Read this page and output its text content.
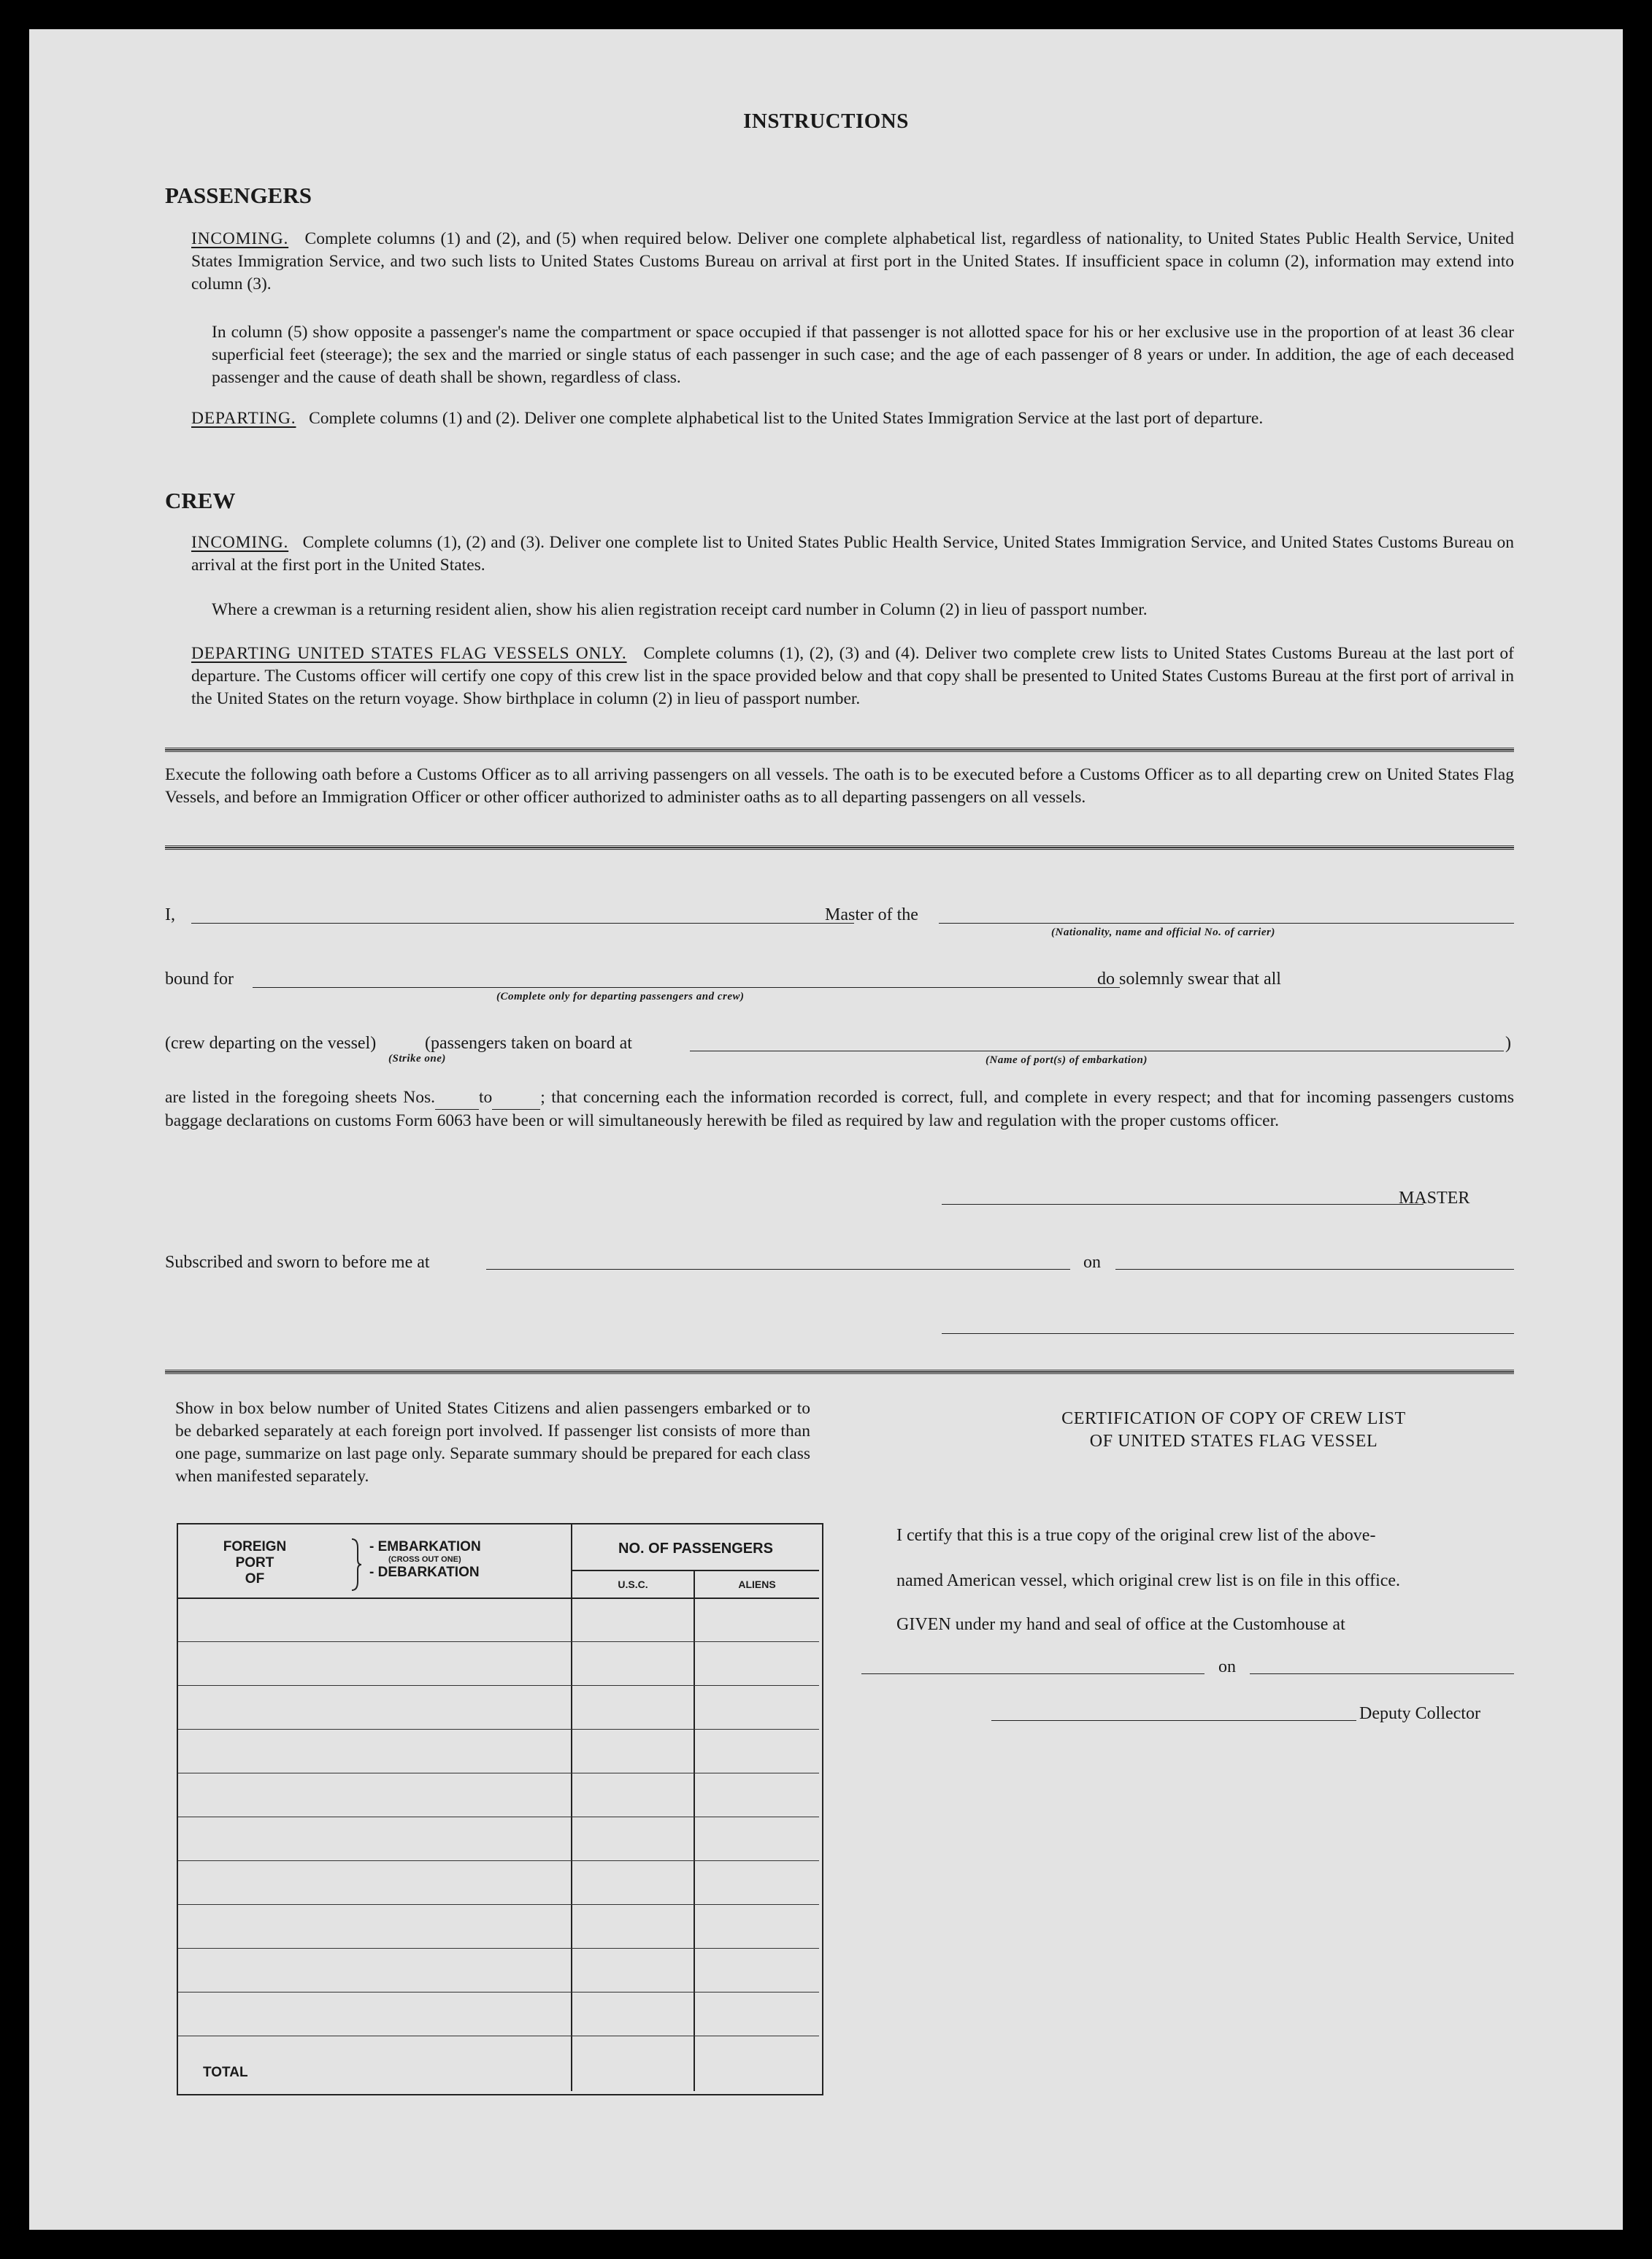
INSTRUCTIONS
PASSENGERS
INCOMING. Complete columns (1) and (2), and (5) when required below. Deliver one complete alphabetical list, regardless of nationality, to United States Public Health Service, United States Immigration Service, and two such lists to United States Customs Bureau on arrival at first port in the United States. If insufficient space in column (2), information may extend into column (3).
In column (5) show opposite a passenger's name the compartment or space occupied if that passenger is not allotted space for his or her exclusive use in the proportion of at least 36 clear superficial feet (steerage); the sex and the married or single status of each passenger in such case; and the age of each passenger of 8 years or under. In addition, the age of each deceased passenger and the cause of death shall be shown, regardless of class.
DEPARTING. Complete columns (1) and (2). Deliver one complete alphabetical list to the United States Immigration Service at the last port of departure.
CREW
INCOMING. Complete columns (1), (2) and (3). Deliver one complete list to United States Public Health Service, United States Immigration Service, and United States Customs Bureau on arrival at the first port in the United States.
Where a crewman is a returning resident alien, show his alien registration receipt card number in Column (2) in lieu of passport number.
DEPARTING UNITED STATES FLAG VESSELS ONLY. Complete columns (1), (2), (3) and (4). Deliver two complete crew lists to United States Customs Bureau at the last port of departure. The Customs officer will certify one copy of this crew list in the space provided below and that copy shall be presented to United States Customs Bureau at the first port of arrival in the United States on the return voyage. Show birthplace in column (2) in lieu of passport number.
Execute the following oath before a Customs Officer as to all arriving passengers on all vessels. The oath is to be executed before a Customs Officer as to all departing crew on United States Flag Vessels, and before an Immigration Officer or other officer authorized to administer oaths as to all departing passengers on all vessels.
I,	Master of the
(Nationality, name and official No. of carrier)
bound for
(Complete only for departing passengers and crew)
do solemnly swear that all
(crew departing on the vessel)
(Strike one)
(passengers taken on board at	)
(Name of port(s) of embarkation)
are listed in the foregoing sheets Nos.	to	; that concerning each the information recorded is correct, full, and complete in every respect; and that for incoming passengers customs baggage declarations on customs Form 6063 have been or will simultaneously herewith be filed as required by law and regulation with the proper customs officer.
MASTER
Subscribed and sworn to before me at	on
Show in box below number of United States Citizens and alien passengers embarked or to be debarked separately at each foreign port involved. If passenger list consists of more than one page, summarize on last page only. Separate summary should be prepared for each class when manifested separately.
FOREIGN
PORT
OF
- EMBARKATION
(CROSS OUT ONE)
- DEBARKATION
NO. OF PASSENGERS
U.S.C.	ALIENS
TOTAL
CERTIFICATION OF COPY OF CREW LIST
OF UNITED STATES FLAG VESSEL
I certify that this is a true copy of the original crew list of the above-
named American vessel, which original crew list is on file in this office.
GIVEN under my hand and seal of office at the Customhouse at
on
Deputy Collector
